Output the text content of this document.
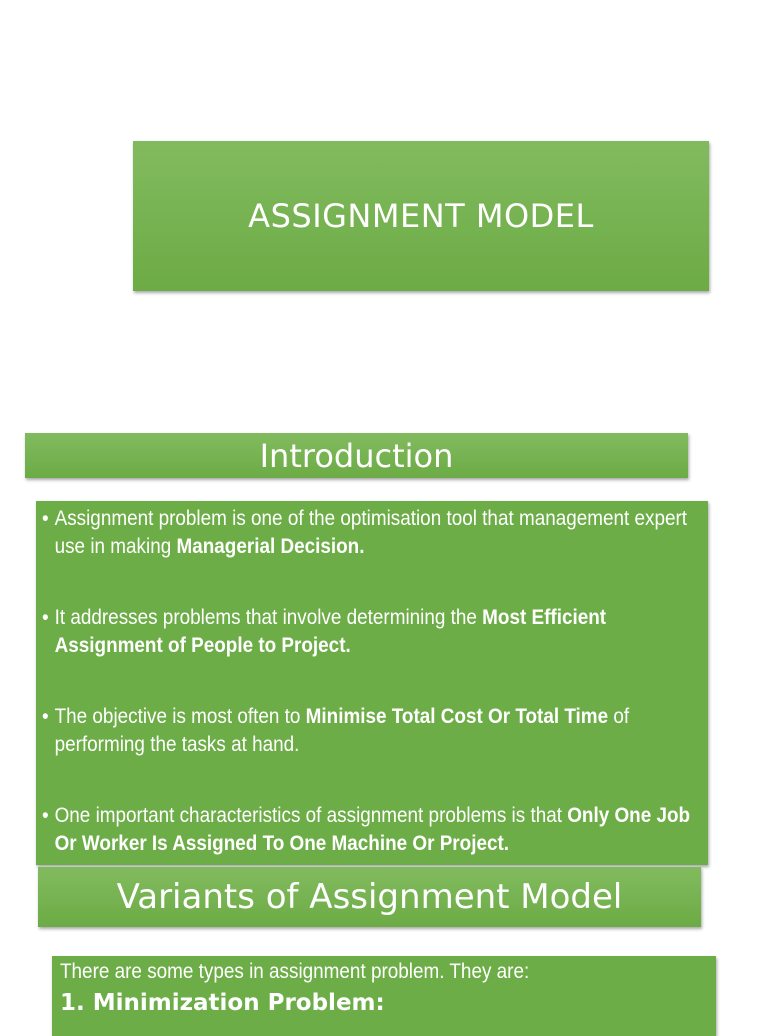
ASSIGNMENT MODEL
Introduction
• Assignment problem is one of the optimisation tool that management expert use in making Managerial Decision.
• It addresses problems that involve determining the Most Efficient Assignment of People to Project.
• The objective is most often to Minimise Total Cost Or Total Time of performing the tasks at hand.
• One important characteristics of assignment problems is that Only One Job Or Worker Is Assigned To One Machine Or Project.
Variants of Assignment Model
There are some types in assignment problem. They are:
1. Minimization Problem:
